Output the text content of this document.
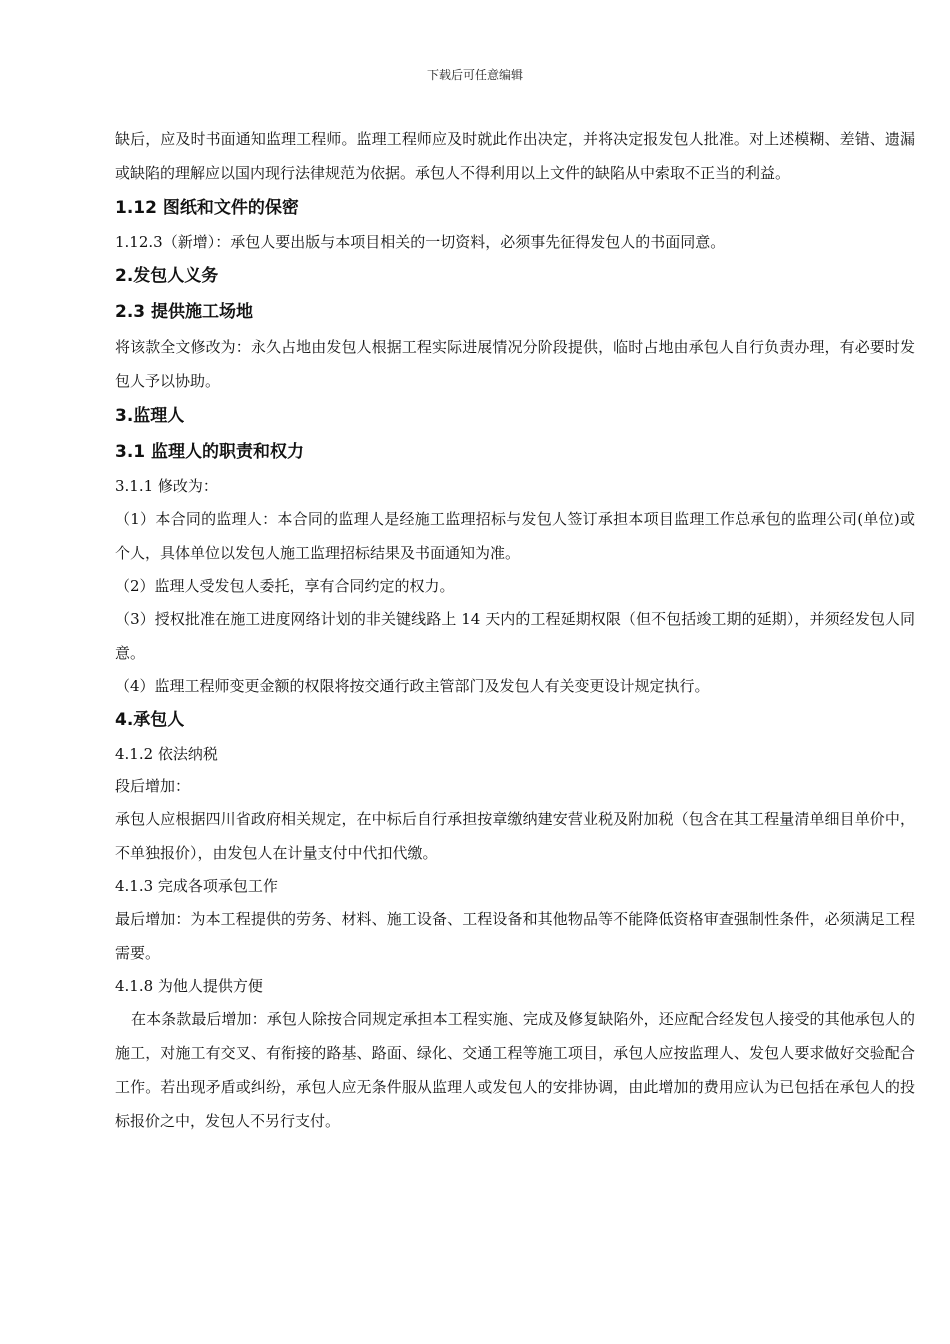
下载后可任意编辑

缺后，应及时书面通知监理工程师。监理工程师应及时就此作出决定，并将决定报发包人批准。对上述模糊、差错、遗漏或缺陷的理解应以国内现行法律规范为依据。承包人不得利用以上文件的缺陷从中索取不正当的利益。

1.12 图纸和文件的保密

1.12.3（新增）：承包人要出版与本项目相关的一切资料，必须事先征得发包人的书面同意。

2.发包人义务

2.3 提供施工场地

将该款全文修改为：永久占地由发包人根据工程实际进展情况分阶段提供，临时占地由承包人自行负责办理，有必要时发包人予以协助。

3.监理人

3.1 监理人的职责和权力

3.1.1 修改为：

（1）本合同的监理人：本合同的监理人是经施工监理招标与发包人签订承担本项目监理工作总承包的监理公司(单位)或个人，具体单位以发包人施工监理招标结果及书面通知为准。

（2）监理人受发包人委托，享有合同约定的权力。

（3）授权批准在施工进度网络计划的非关键线路上 14 天内的工程延期权限（但不包括竣工期的延期），并须经发包人同意。

（4）监理工程师变更金额的权限将按交通行政主管部门及发包人有关变更设计规定执行。

4.承包人

4.1.2 依法纳税

段后增加：

承包人应根据四川省政府相关规定，在中标后自行承担按章缴纳建安营业税及附加税（包含在其工程量清单细目单价中，不单独报价），由发包人在计量支付中代扣代缴。

4.1.3 完成各项承包工作

最后增加：为本工程提供的劳务、材料、施工设备、工程设备和其他物品等不能降低资格审查强制性条件，必须满足工程需要。

4.1.8 为他人提供方便

在本条款最后增加：承包人除按合同规定承担本工程实施、完成及修复缺陷外，还应配合经发包人接受的其他承包人的施工，对施工有交叉、有衔接的路基、路面、绿化、交通工程等施工项目，承包人应按监理人、发包人要求做好交验配合工作。若出现矛盾或纠纷，承包人应无条件服从监理人或发包人的安排协调，由此增加的费用应认为已包括在承包人的投标报价之中，发包人不另行支付。
